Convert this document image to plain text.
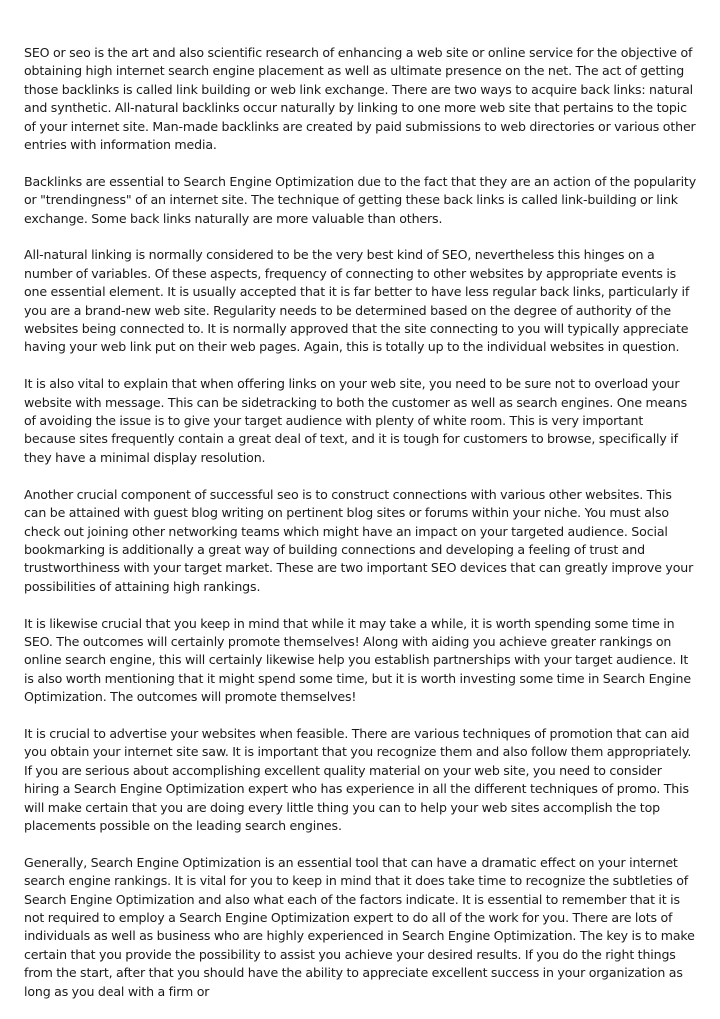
SEO or seo is the art and also scientific research of enhancing a web site or online service for the objective of obtaining high internet search engine placement as well as ultimate presence on the net. The act of getting those backlinks is called link building or web link exchange. There are two ways to acquire back links: natural and synthetic. All-natural backlinks occur naturally by linking to one more web site that pertains to the topic of your internet site. Man-made backlinks are created by paid submissions to web directories or various other entries with information media.

Backlinks are essential to Search Engine Optimization due to the fact that they are an action of the popularity or "trendingness" of an internet site. The technique of getting these back links is called link-building or link exchange. Some back links naturally are more valuable than others.

All-natural linking is normally considered to be the very best kind of SEO, nevertheless this hinges on a number of variables. Of these aspects, frequency of connecting to other websites by appropriate events is one essential element. It is usually accepted that it is far better to have less regular back links, particularly if you are a brand-new web site. Regularity needs to be determined based on the degree of authority of the websites being connected to. It is normally approved that the site connecting to you will typically appreciate having your web link put on their web pages. Again, this is totally up to the individual websites in question.

It is also vital to explain that when offering links on your web site, you need to be sure not to overload your website with message. This can be sidetracking to both the customer as well as search engines. One means of avoiding the issue is to give your target audience with plenty of white room. This is very important because sites frequently contain a great deal of text, and it is tough for customers to browse, specifically if they have a minimal display resolution.

Another crucial component of successful seo is to construct connections with various other websites. This can be attained with guest blog writing on pertinent blog sites or forums within your niche. You must also check out joining other networking teams which might have an impact on your targeted audience. Social bookmarking is additionally a great way of building connections and developing a feeling of trust and trustworthiness with your target market. These are two important SEO devices that can greatly improve your possibilities of attaining high rankings.

It is likewise crucial that you keep in mind that while it may take a while, it is worth spending some time in SEO. The outcomes will certainly promote themselves! Along with aiding you achieve greater rankings on online search engine, this will certainly likewise help you establish partnerships with your target audience. It is also worth mentioning that it might spend some time, but it is worth investing some time in Search Engine Optimization. The outcomes will promote themselves!

It is crucial to advertise your websites when feasible. There are various techniques of promotion that can aid you obtain your internet site saw. It is important that you recognize them and also follow them appropriately. If you are serious about accomplishing excellent quality material on your web site, you need to consider hiring a Search Engine Optimization expert who has experience in all the different techniques of promo. This will make certain that you are doing every little thing you can to help your web sites accomplish the top placements possible on the leading search engines.

Generally, Search Engine Optimization is an essential tool that can have a dramatic effect on your internet search engine rankings. It is vital for you to keep in mind that it does take time to recognize the subtleties of Search Engine Optimization and also what each of the factors indicate. It is essential to remember that it is not required to employ a Search Engine Optimization expert to do all of the work for you. There are lots of individuals as well as business who are highly experienced in Search Engine Optimization. The key is to make certain that you provide the possibility to assist you achieve your desired results. If you do the right things from the start, after that you should have the ability to appreciate excellent success in your organization as long as you deal with a firm or
